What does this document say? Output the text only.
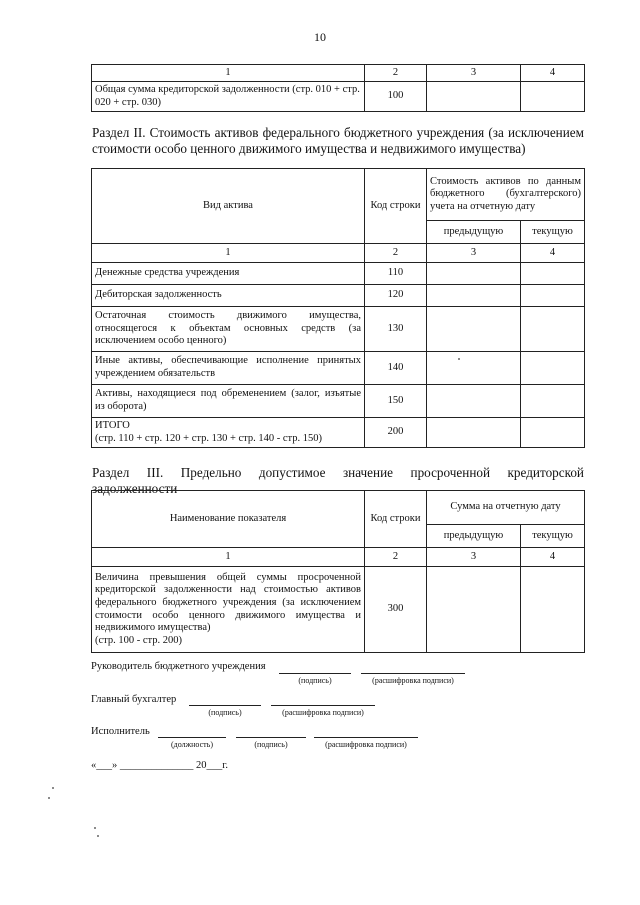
10
1	2	3	4
Общая сумма кредиторской задолженности (стр. 010 + стр. 020 + стр. 030)	100		
Раздел II. Стоимость активов федерального бюджетного учреждения (за исключением стоимости особо ценного движимого имущества и недвижимого имущества)
Вид актива	Код строки	Стоимость активов по данным бюджетного (бухгалтерского) учета на отчетную дату	
		предыдущую	текущую
1	2	3	4
Денежные средства учреждения	110		
Дебиторская задолженность	120		
Остаточная стоимость движимого имущества, относящегося к объектам основных средств (за исключением особо ценного)	130		
Иные активы, обеспечивающие исполнение принятых учреждением обязательств	140		
Активы, находящиеся под обременением (залог, изъятые из оборота)	150		
ИТОГО
(стр. 110 + стр. 120 + стр. 130 + стр. 140 - стр. 150)	200		
Раздел III. Предельно допустимое значение просроченной кредиторской задолженности
Наименование показателя	Код строки	Сумма на отчетную дату	
		предыдущую	текущую
1	2	3	4

Величина превышения общей суммы просроченной кредиторской задолженности над стоимостью активов федерального бюджетного учреждения (за исключением стоимости особо ценного движимого имущества и недвижимого имущества)
(стр. 100 - стр. 200)	300		
Руководитель бюджетного учреждения
(подпись)	(расшифровка подписи)
Главный бухгалтер
(подпись)	(расшифровка подписи)
Исполнитель
(должность)	(подпись)	(расшифровка подписи)
«___» ______________ 20___г.
